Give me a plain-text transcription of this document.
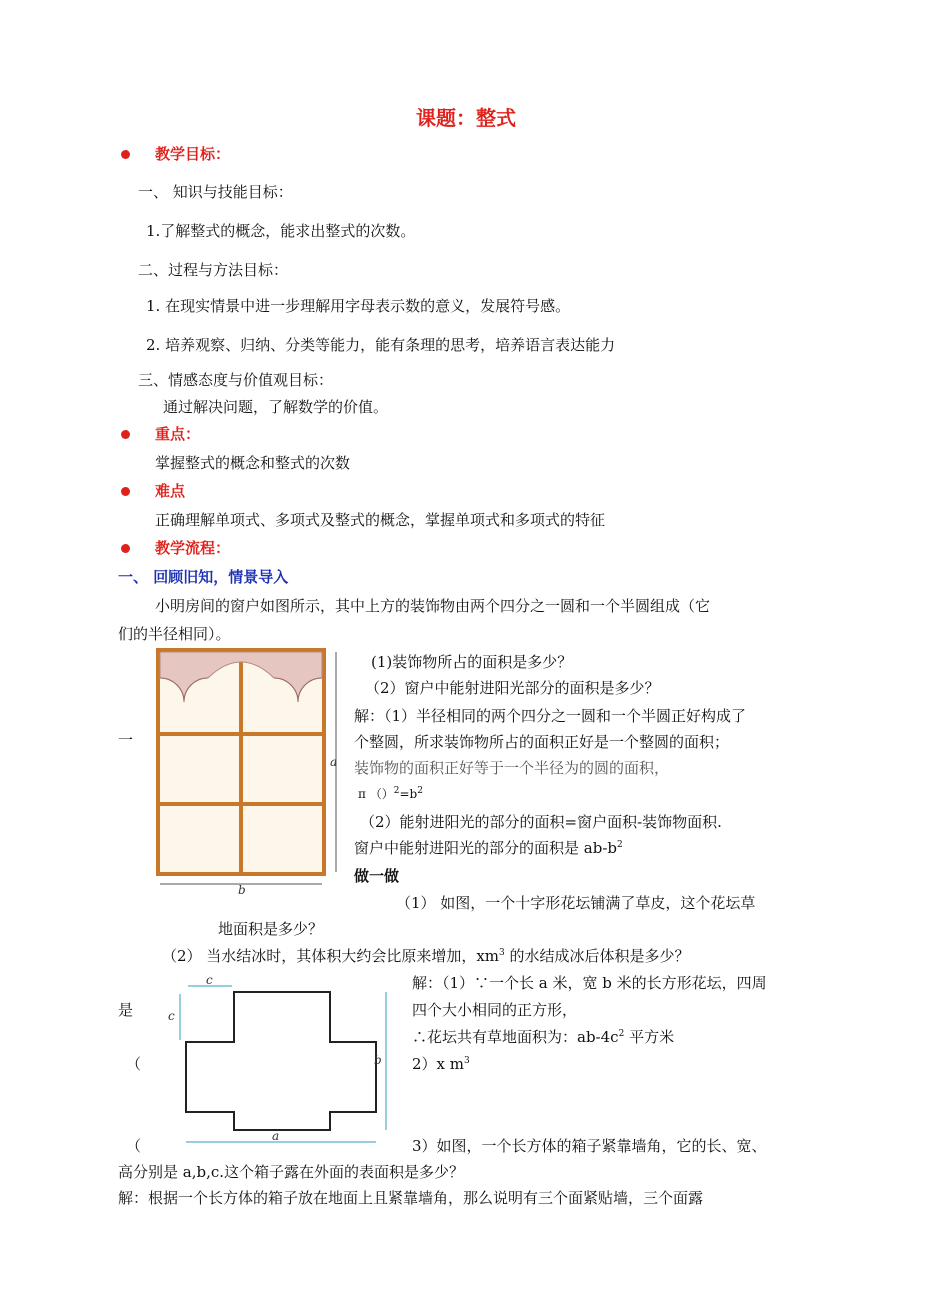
课题：整式
教学目标：
一、 知识与技能目标：
1.了解整式的概念，能求出整式的次数。
二、过程与方法目标：
1. 在现实情景中进一步理解用字母表示数的意义，发展符号感。
2. 培养观察、归纳、分类等能力，能有条理的思考，培养语言表达能力
三、情感态度与价值观目标：
通过解决问题，了解数学的价值。
重点：
掌握整式的概念和整式的次数
难点
正确理解单项式、多项式及整式的概念，掌握单项式和多项式的特征
教学流程：
一、 回顾旧知，情景导入
小明房间的窗户如图所示，其中上方的装饰物由两个四分之一圆和一个半圆组成（它
们的半径相同）。
b
a
一
(1)装饰物所占的面积是多少？
（2）窗户中能射进阳光部分的面积是多少？
解：（1）半径相同的两个四分之一圆和一个半圆正好构成了
个整圆，所求装饰物所占的面积正好是一个整圆的面积；
装饰物的面积正好等于一个半径为的圆的面积，
π $()^2=b^2$
（2）能射进阳光的部分的面积=窗户面积-装饰物面积.
窗户中能射进阳光的部分的面积是 $ab-b^2$
做一做
（1） 如图，一个十字形花坛铺满了草皮，这个花坛草
地面积是多少？
（2） 当水结冰时，其体积大约会比原来增加，$xm^3$ 的水结成冰后体积是多少？
c
c
a
b
解：（1）∵一个长 a 米，宽 b 米的长方形花坛，四周
是	四个大小相同的正方形，
∴花坛共有草地面积为：$ab-4c^2$ 平方米
（	2）x $m^3$
（	3）如图，一个长方体的箱子紧靠墙角，它的长、宽、
高分别是 a,b,c.这个箱子露在外面的表面积是多少？
解：根据一个长方体的箱子放在地面上且紧靠墙角，那么说明有三个面紧贴墙，三个面露
